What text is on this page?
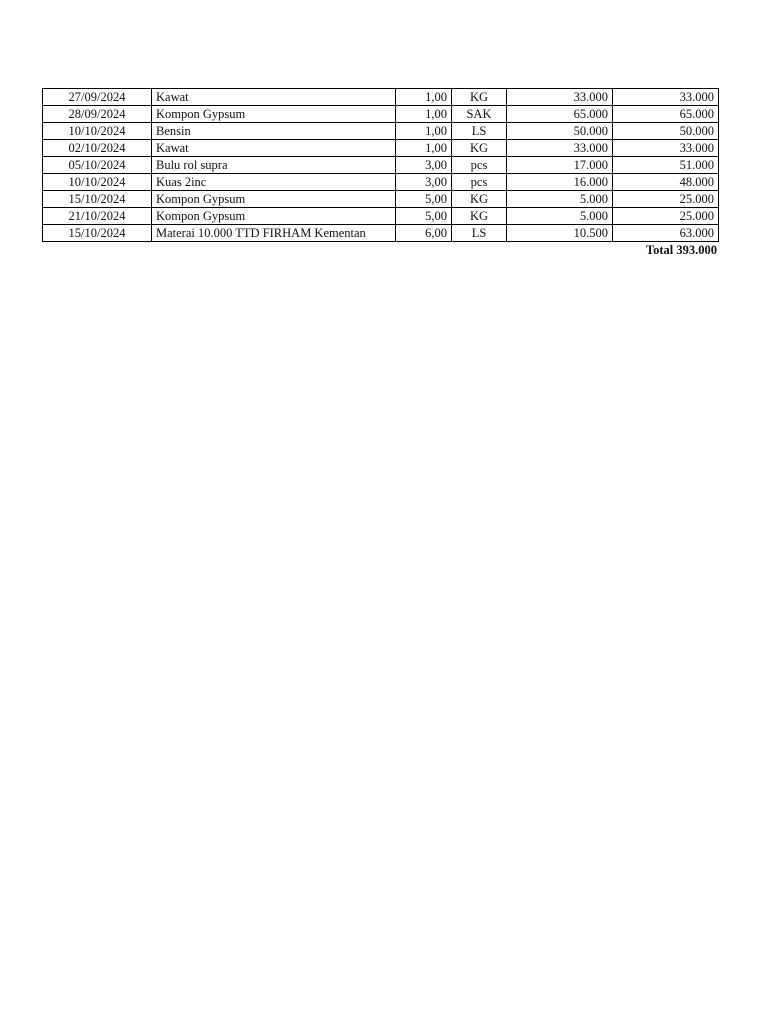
27/09/2024	Kawat	1,00	KG	33.000	33.000
28/09/2024	Kompon Gypsum	1,00	SAK	65.000	65.000
10/10/2024	Bensin	1,00	LS	50.000	50.000
02/10/2024	Kawat	1,00	KG	33.000	33.000
05/10/2024	Bulu rol supra	3,00	pcs	17.000	51.000
10/10/2024	Kuas 2inc	3,00	pcs	16.000	48.000
15/10/2024	Kompon Gypsum	5,00	KG	5.000	25.000
21/10/2024	Kompon Gypsum	5,00	KG	5.000	25.000
15/10/2024	Materai 10.000 TTD FIRHAM Kementan	6,00	LS	10.500	63.000
Total 393.000
